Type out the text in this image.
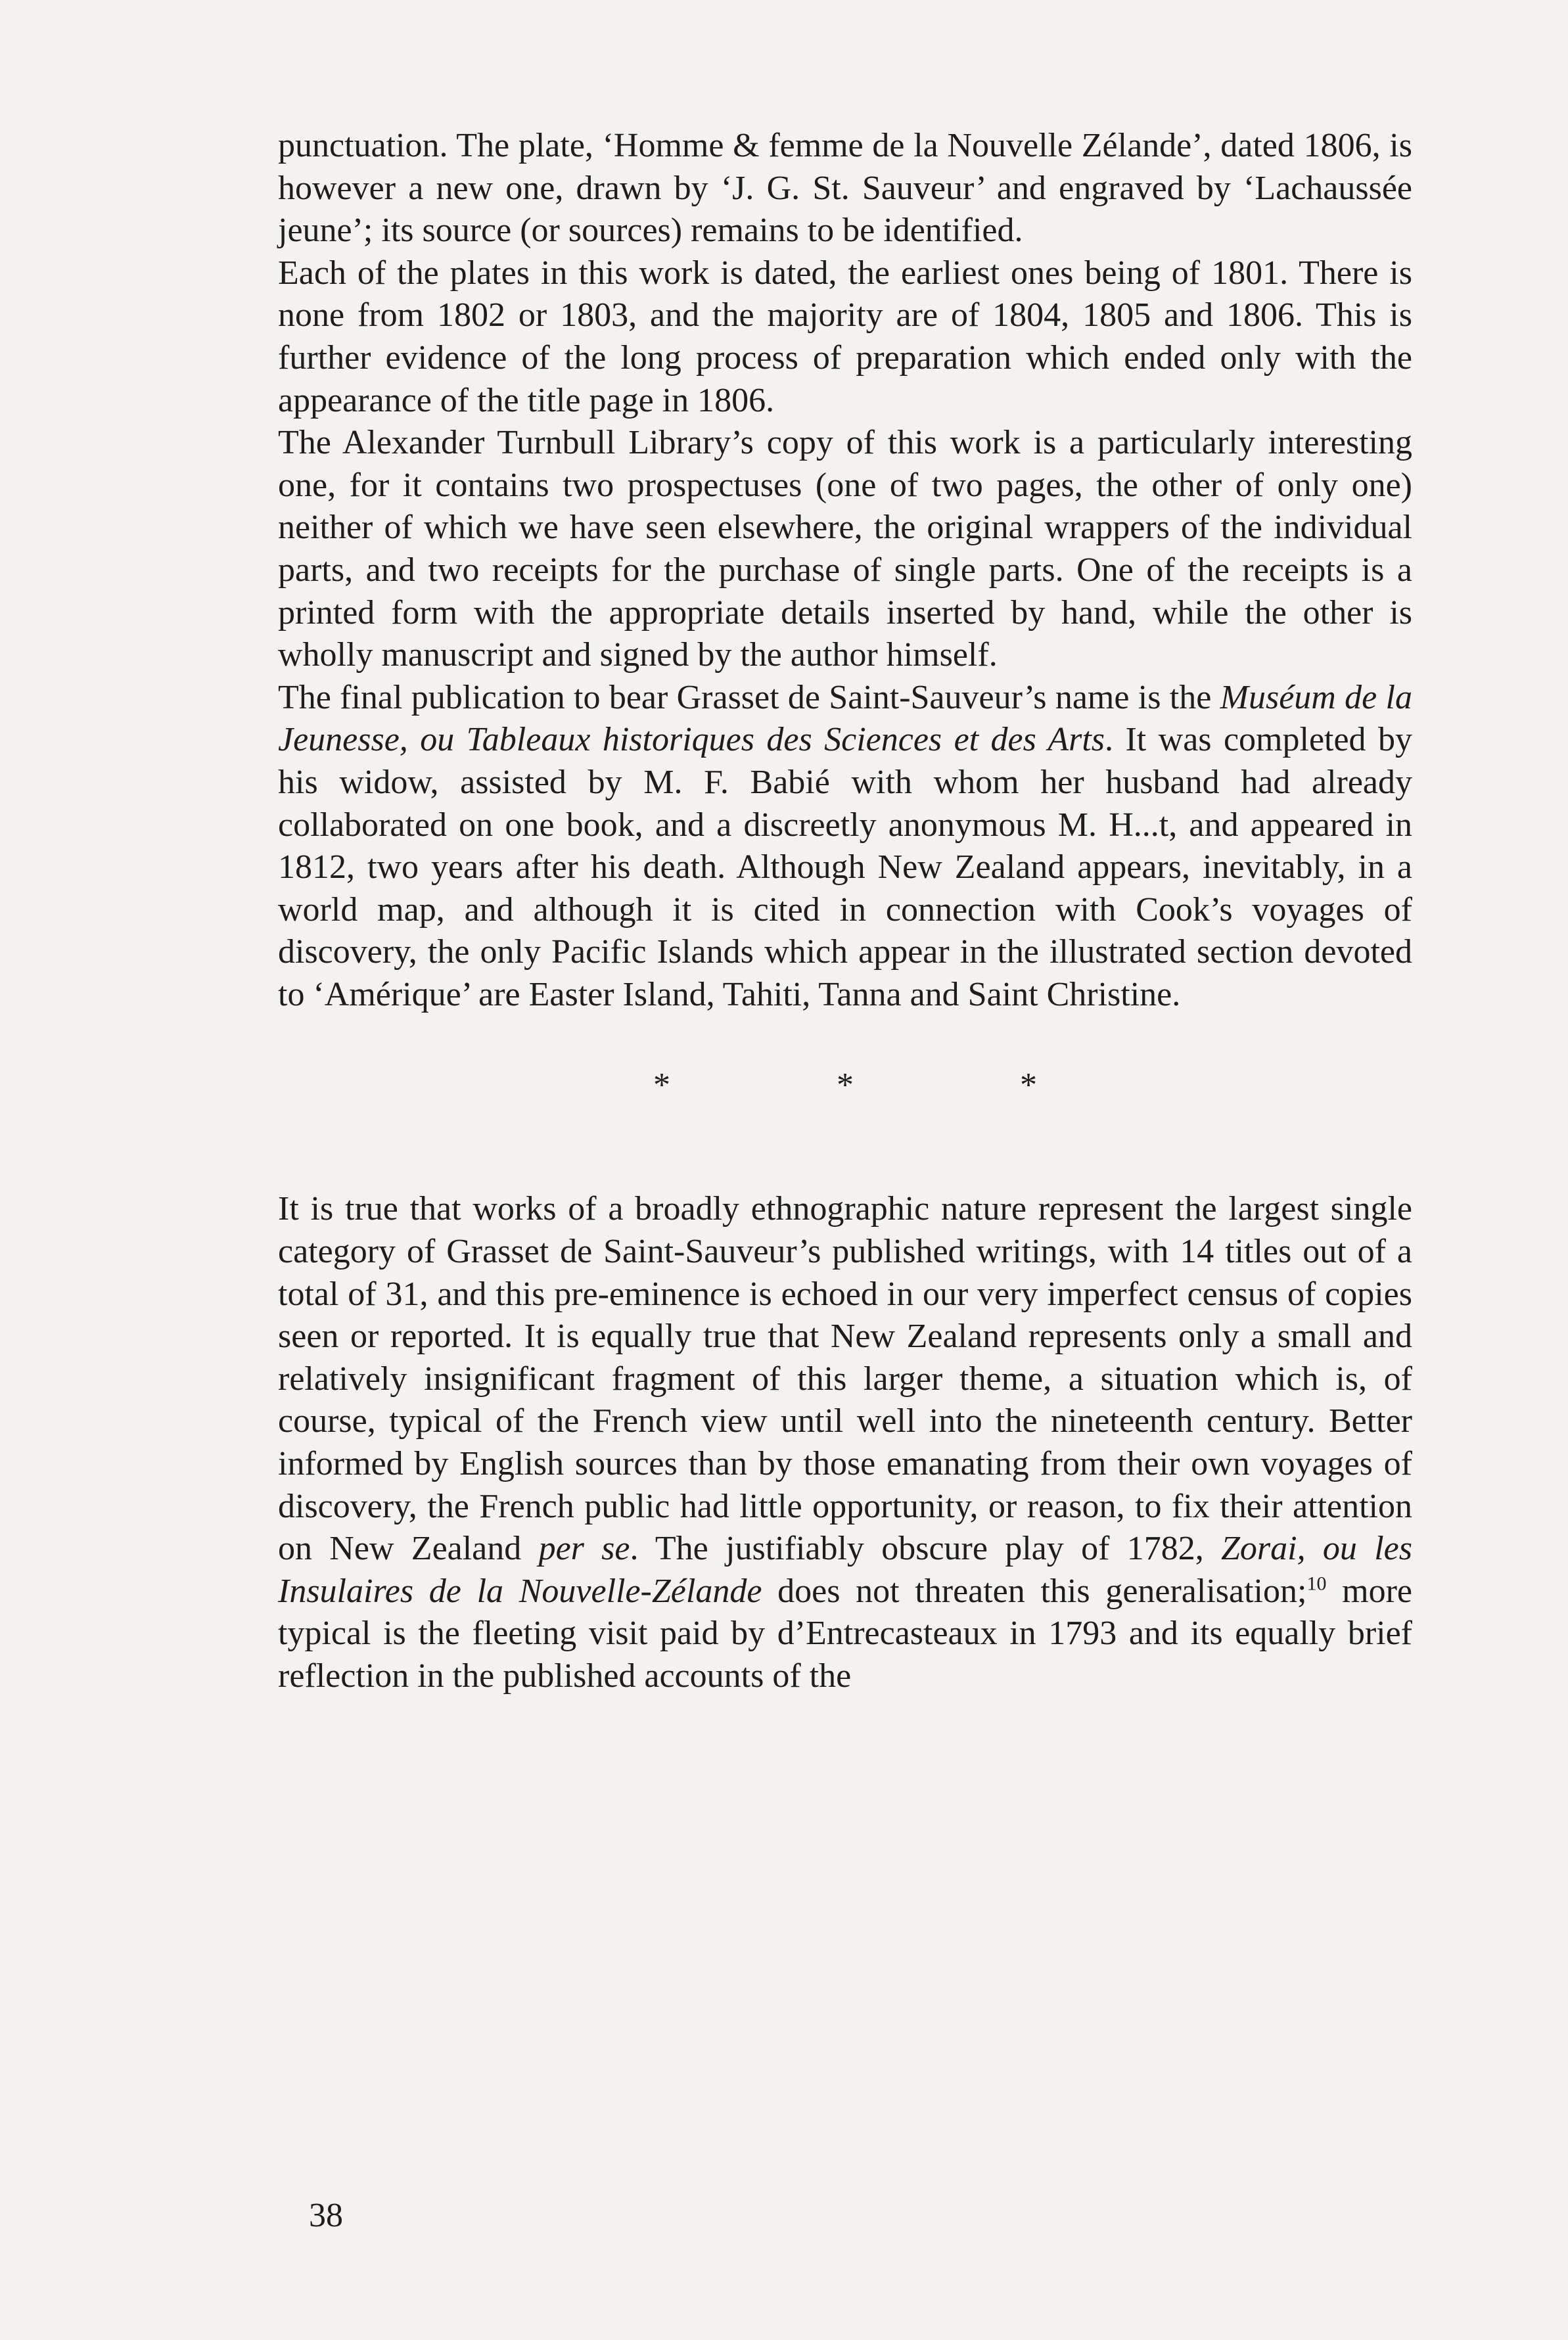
punctuation. The plate, ‘Homme & femme de la Nouvelle Zélande’, dated 1806, is however a new one, drawn by ‘J. G. St. Sauveur’ and engraved by ‘Lachaussée jeune’; its source (or sources) remains to be identified.

Each of the plates in this work is dated, the earliest ones being of 1801. There is none from 1802 or 1803, and the majority are of 1804, 1805 and 1806. This is further evidence of the long process of preparation which ended only with the appearance of the title page in 1806.

The Alexander Turnbull Library’s copy of this work is a particularly interesting one, for it contains two prospectuses (one of two pages, the other of only one) neither of which we have seen elsewhere, the original wrappers of the individual parts, and two receipts for the purchase of single parts. One of the receipts is a printed form with the appropriate details inserted by hand, while the other is wholly manuscript and signed by the author himself.

The final publication to bear Grasset de Saint-Sauveur’s name is the Muséum de la Jeunesse, ou Tableaux historiques des Sciences et des Arts. It was completed by his widow, assisted by M. F. Babié with whom her husband had already collaborated on one book, and a discreetly anonymous M. H...t, and appeared in 1812, two years after his death. Although New Zealand appears, inevitably, in a world map, and although it is cited in connection with Cook’s voyages of discovery, the only Pacific Islands which appear in the illustrated section devoted to ‘Amérique’ are Easter Island, Tahiti, Tanna and Saint Christine.

* * *

It is true that works of a broadly ethnographic nature represent the largest single category of Grasset de Saint-Sauveur’s published writings, with 14 titles out of a total of 31, and this pre-eminence is echoed in our very imperfect census of copies seen or reported. It is equally true that New Zealand represents only a small and relatively insignificant fragment of this larger theme, a situation which is, of course, typical of the French view until well into the nineteenth century. Better informed by English sources than by those emanating from their own voyages of discovery, the French public had little opportunity, or reason, to fix their attention on New Zealand per se. The justifiably obscure play of 1782, Zorai, ou les Insulaires de la Nouvelle-Zélande does not threaten this generalisation;$^{10}$ more typical is the fleeting visit paid by d’Entrecasteaux in 1793 and its equally brief reflection in the published accounts of the

38
